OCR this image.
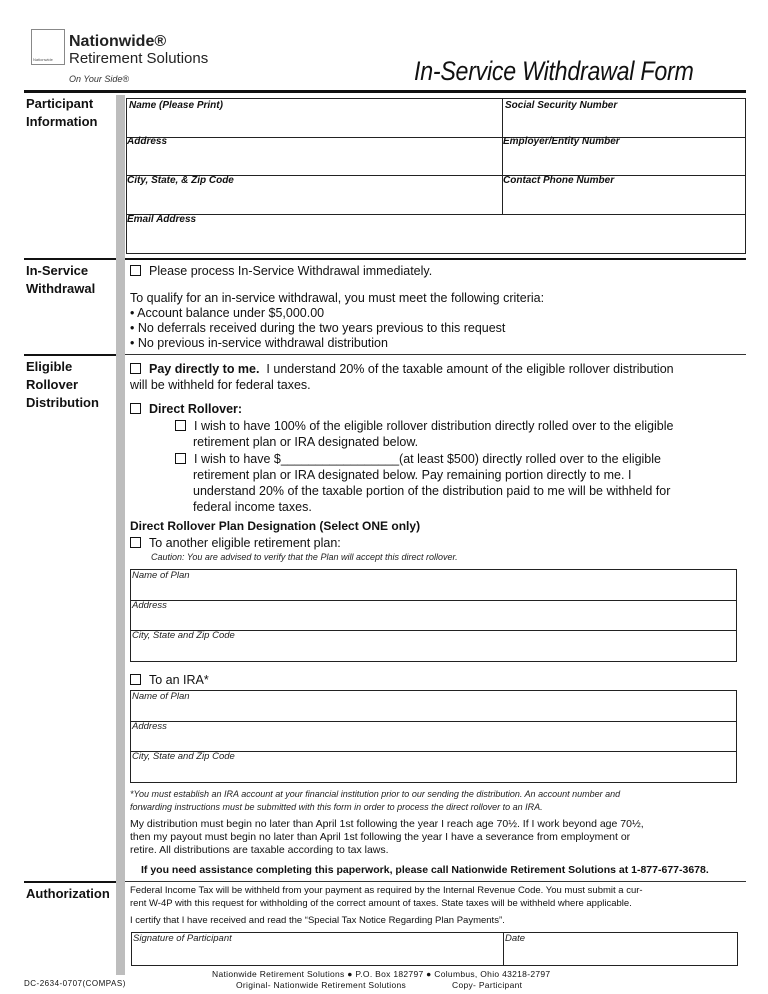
Nationwide
Nationwide®
Retirement Solutions
On Your Side®	In-Service Withdrawal Form
Participant
Information
Name (Please Print)	Social Security Number
Address	Employer/Entity Number
City, State, & Zip Code	Contact Phone Number
Email Address
In-Service
Withdrawal
Please process In-Service Withdrawal immediately.
To qualify for an in-service withdrawal, you must meet the following criteria:
• Account balance under $5,000.00
• No deferrals received during the two years previous to this request
• No previous in-service withdrawal distribution
Eligible
Rollover
Distribution
Pay directly to me. I understand 20% of the taxable amount of the eligible rollover distribution
will be withheld for federal taxes.
Direct Rollover:
I wish to have 100% of the eligible rollover distribution directly rolled over to the eligible
retirement plan or IRA designated below.
I wish to have $_________________(at least $500) directly rolled over to the eligible
retirement plan or IRA designated below. Pay remaining portion directly to me. I
understand 20% of the taxable portion of the distribution paid to me will be withheld for
federal income taxes.
Direct Rollover Plan Designation (Select ONE only)
To another eligible retirement plan:
Caution: You are advised to verify that the Plan will accept this direct rollover.
Name of Plan
Address
City, State and Zip Code
To an IRA*
Name of Plan
Address
City, State and Zip Code
*You must establish an IRA account at your financial institution prior to our sending the distribution. An account number and
forwarding instructions must be submitted with this form in order to process the direct rollover to an IRA.
My distribution must begin no later than April 1st following the year I reach age 70½. If I work beyond age 70½,
then my payout must begin no later than April 1st following the year I have a severance from employment or
retire. All distributions are taxable according to tax laws.
If you need assistance completing this paperwork, please call Nationwide Retirement Solutions at 1-877-677-3678.
Authorization Federal Income Tax will be withheld from your payment as required by the Internal Revenue Code. You must submit a cur-
rent W-4P with this request for withholding of the correct amount of taxes. State taxes will be withheld where applicable.
I certify that I have received and read the “Special Tax Notice Regarding Plan Payments”.
Signature of Participant	Date
DC-2634-0707(COMPAS)
Nationwide Retirement Solutions ● P.O. Box 182797 ● Columbus, Ohio 43218-2797
Original- Nationwide Retirement Solutions	Copy- Participant
